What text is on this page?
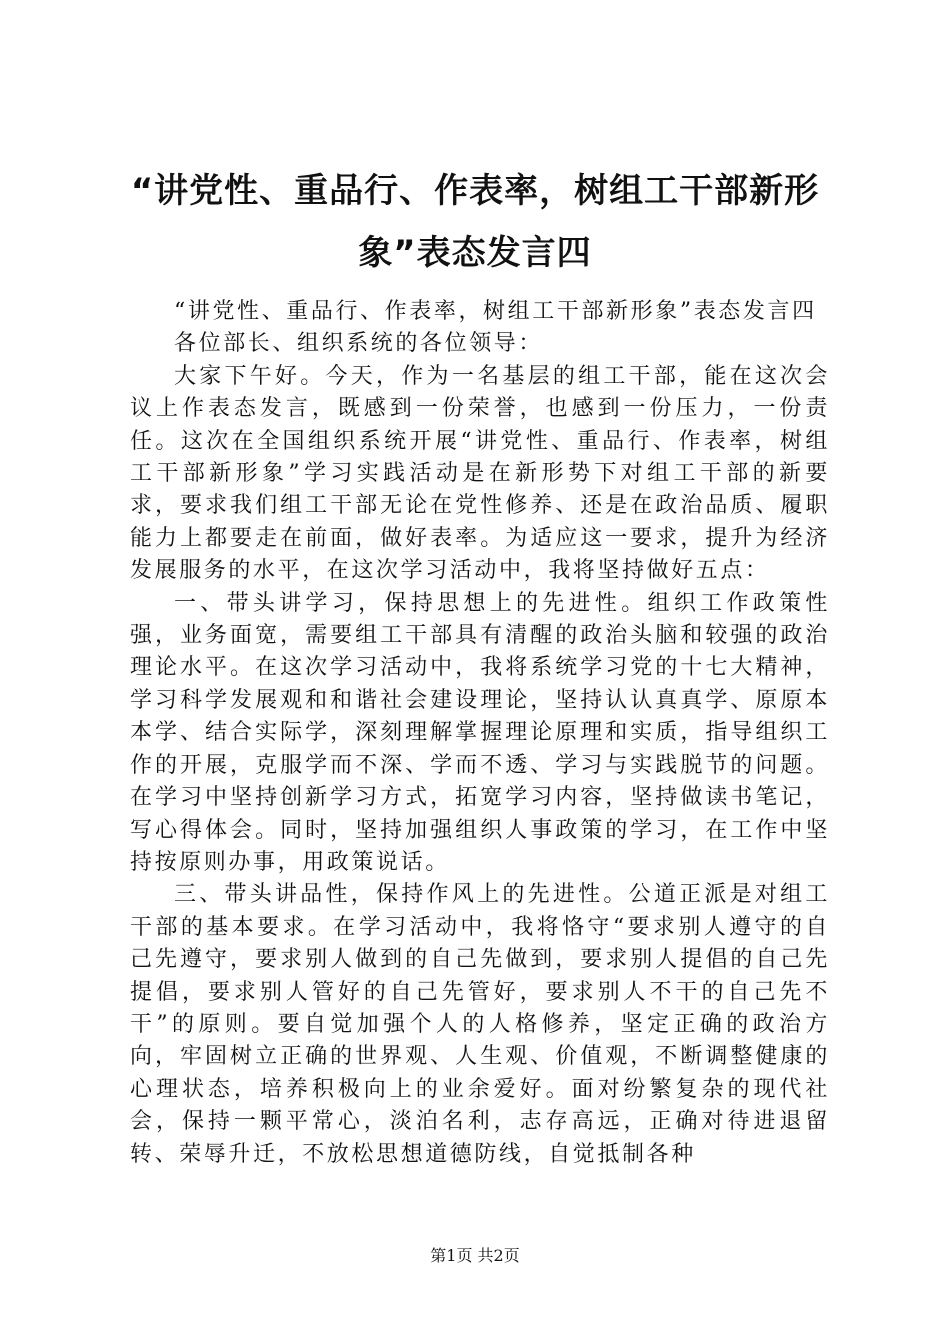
“讲党性、重品行、作表率，树组工干部新形象”表态发言四

“讲党性、重品行、作表率，树组工干部新形象”表态发言四

各位部长、组织系统的各位领导：

大家下午好。今天，作为一名基层的组工干部，能在这次会议上作表态发言，既感到一份荣誉，也感到一份压力，一份责任。这次在全国组织系统开展“讲党性、重品行、作表率，树组工干部新形象”学习实践活动是在新形势下对组工干部的新要求，要求我们组工干部无论在党性修养、还是在政治品质、履职能力上都要走在前面，做好表率。为适应这一要求，提升为经济发展服务的水平，在这次学习活动中，我将坚持做好五点：

一、带头讲学习，保持思想上的先进性。组织工作政策性强，业务面宽，需要组工干部具有清醒的政治头脑和较强的政治理论水平。在这次学习活动中，我将系统学习党的十七大精神，学习科学发展观和和谐社会建设理论，坚持认认真真学、原原本本学、结合实际学，深刻理解掌握理论原理和实质，指导组织工作的开展，克服学而不深、学而不透、学习与实践脱节的问题。在学习中坚持创新学习方式，拓宽学习内容，坚持做读书笔记，写心得体会。同时，坚持加强组织人事政策的学习，在工作中坚持按原则办事，用政策说话。

三、带头讲品性，保持作风上的先进性。公道正派是对组工干部的基本要求。在学习活动中，我将恪守“要求别人遵守的自己先遵守，要求别人做到的自己先做到，要求别人提倡的自己先提倡，要求别人管好的自己先管好，要求别人不干的自己先不干”的原则。要自觉加强个人的人格修养，坚定正确的政治方向，牢固树立正确的世界观、人生观、价值观，不断调整健康的心理状态，培养积极向上的业余爱好。面对纷繁复杂的现代社会，保持一颗平常心，淡泊名利，志存高远，正确对待进退留转、荣辱升迁，不放松思想道德防线，自觉抵制各种

第1页 共2页
